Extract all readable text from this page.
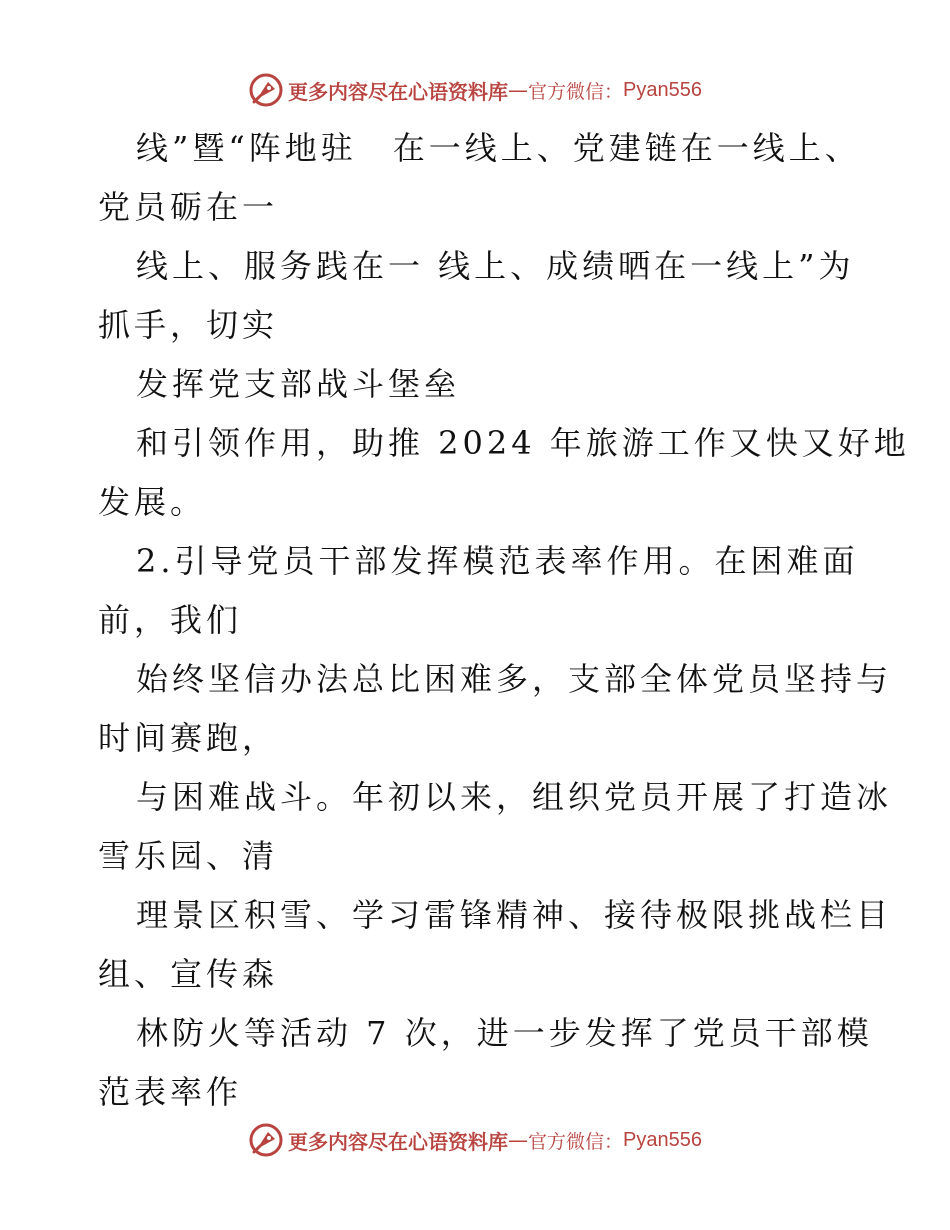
更多内容尽在心语资料库 — 官方微信： Pyan556
线”暨“阵地驻　在一线上、党建链在一线上、
党员砺在一
线上、服务践在一 线上、成绩晒在一线上”为
抓手，切实
发挥党支部战斗堡垒
和引领作用，助推 2024 年旅游工作又快又好地
发展。
2.引导党员干部发挥模范表率作用。在困难面
前，我们
始终坚信办法总比困难多，支部全体党员坚持与
时间赛跑，
与困难战斗。年初以来，组织党员开展了打造冰
雪乐园、清
理景区积雪、学习雷锋精神、接待极限挑战栏目
组、宣传森
林防火等活动 7 次，进一步发挥了党员干部模
范表率作
更多内容尽在心语资料库 — 官方微信： Pyan556
